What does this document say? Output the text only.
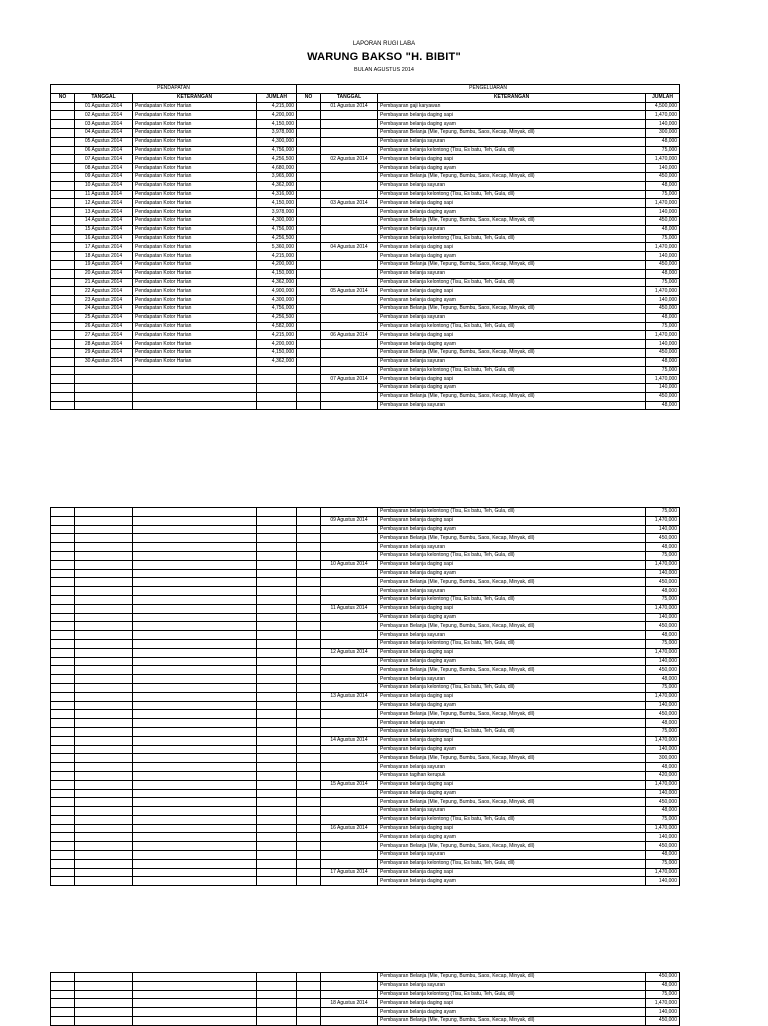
LAPORAN RUGI LABA
WARUNG BAKSO "H. BIBIT"
BULAN AGUSTUS 2014
PENDAPATAN				PENGELUARAN			
NO	TANGGAL	KETERANGAN	JUMLAH	NO	TANGGAL	KETERANGAN	JUMLAH
	01 Agustus 2014	Pendapatan Kotor Harian	4,215,000		01 Agustus 2014	Pembayaran gaji karyawan	4,500,000
	02 Agustus 2014	Pendapatan Kotor Harian	4,200,000			Pembayaran belanja daging sapi	1,470,000
	03 Agustus 2014	Pendapatan Kotor Harian	4,150,000			Pembayaran belanja daging ayam	140,000
	04 Agustus 2014	Pendapatan Kotor Harian	3,978,000			Pembayaran Belanja (Mie, Tepung, Bumbu, Saos, Kecap, Minyak, dll)	300,000
	05 Agustus 2014	Pendapatan Kotor Harian	4,300,000			Pembayaran belanja sayuran	48,000
	06 Agustus 2014	Pendapatan Kotor Harian	4,756,000			Pembayaran belanja kelontong (Tisu, Es batu, Teh, Gula, dll)	75,000
	07 Agustus 2014	Pendapatan Kotor Harian	4,256,500		02 Agustus 2014	Pembayaran belanja daging sapi	1,470,000
	08 Agustus 2014	Pendapatan Kotor Harian	4,680,000			Pembayaran belanja daging ayam	140,000
	09 Agustus 2014	Pendapatan Kotor Harian	3,965,000			Pembayaran Belanja (Mie, Tepung, Bumbu, Saos, Kecap, Minyak, dll)	450,000
	10 Agustus 2014	Pendapatan Kotor Harian	4,362,000			Pembayaran belanja sayuran	48,000
	11 Agustus 2014	Pendapatan Kotor Harian	4,316,000			Pembayaran belanja kelontong (Tisu, Es batu, Teh, Gula, dll)	75,000
	12 Agustus 2014	Pendapatan Kotor Harian	4,150,000		03 Agustus 2014	Pembayaran belanja daging sapi	1,470,000
	13 Agustus 2014	Pendapatan Kotor Harian	3,978,000			Pembayaran belanja daging ayam	140,000
	14 Agustus 2014	Pendapatan Kotor Harian	4,300,000			Pembayaran Belanja (Mie, Tepung, Bumbu, Saos, Kecap, Minyak, dll)	450,000
	15 Agustus 2014	Pendapatan Kotor Harian	4,756,000			Pembayaran belanja sayuran	48,000
	16 Agustus 2014	Pendapatan Kotor Harian	4,256,500			Pembayaran belanja kelontong (Tisu, Es batu, Teh, Gula, dll)	75,000
	17 Agustus 2014	Pendapatan Kotor Harian	5,360,000		04 Agustus 2014	Pembayaran belanja daging sapi	1,470,000
	18 Agustus 2014	Pendapatan Kotor Harian	4,215,000			Pembayaran belanja daging ayam	140,000
	19 Agustus 2014	Pendapatan Kotor Harian	4,200,000			Pembayaran Belanja (Mie, Tepung, Bumbu, Saos, Kecap, Minyak, dll)	450,000
	20 Agustus 2014	Pendapatan Kotor Harian	4,150,000			Pembayaran belanja sayuran	48,000
	21 Agustus 2014	Pendapatan Kotor Harian	4,362,000			Pembayaran belanja kelontong (Tisu, Es batu, Teh, Gula, dll)	75,000
	22 Agustus 2014	Pendapatan Kotor Harian	4,900,000		05 Agustus 2014	Pembayaran belanja daging sapi	1,470,000
	23 Agustus 2014	Pendapatan Kotor Harian	4,300,000			Pembayaran belanja daging ayam	140,000
	24 Agustus 2014	Pendapatan Kotor Harian	4,756,000			Pembayaran Belanja (Mie, Tepung, Bumbu, Saos, Kecap, Minyak, dll)	450,000
	25 Agustus 2014	Pendapatan Kotor Harian	4,256,500			Pembayaran belanja sayuran	48,000
	26 Agustus 2014	Pendapatan Kotor Harian	4,582,000			Pembayaran belanja kelontong (Tisu, Es batu, Teh, Gula, dll)	75,000
	27 Agustus 2014	Pendapatan Kotor Harian	4,215,000		06 Agustus 2014	Pembayaran belanja daging sapi	1,470,000
	28 Agustus 2014	Pendapatan Kotor Harian	4,200,000			Pembayaran belanja daging ayam	140,000
	29 Agustus 2014	Pendapatan Kotor Harian	4,150,000			Pembayaran Belanja (Mie, Tepung, Bumbu, Saos, Kecap, Minyak, dll)	450,000
	30 Agustus 2014	Pendapatan Kotor Harian	4,362,000			Pembayaran belanja sayuran	48,000
						Pembayaran belanja kelontong (Tisu, Es batu, Teh, Gula, dll)	75,000
					07 Agustus 2014	Pembayaran belanja daging sapi	1,470,000
						Pembayaran belanja daging ayam	140,000
						Pembayaran Belanja (Mie, Tepung, Bumbu, Saos, Kecap, Minyak, dll)	450,000
						Pembayaran belanja sayuran	48,000
						Pembayaran belanja kelontong (Tisu, Es batu, Teh, Gula, dll)	75,000
					09 Agustus 2014	Pembayaran belanja daging sapi	1,470,000
						Pembayaran belanja daging ayam	140,000
						Pembayaran Belanja (Mie, Tepung, Bumbu, Saos, Kecap, Minyak, dll)	450,000
						Pembayaran belanja sayuran	48,000
						Pembayaran belanja kelontong (Tisu, Es batu, Teh, Gula, dll)	75,000
					10 Agustus 2014	Pembayaran belanja daging sapi	1,470,000
						Pembayaran belanja daging ayam	140,000
						Pembayaran Belanja (Mie, Tepung, Bumbu, Saos, Kecap, Minyak, dll)	450,000
						Pembayaran belanja sayuran	48,000
						Pembayaran belanja kelontong (Tisu, Es batu, Teh, Gula, dll)	75,000
					11 Agustus 2014	Pembayaran belanja daging sapi	1,470,000
						Pembayaran belanja daging ayam	140,000
						Pembayaran Belanja (Mie, Tepung, Bumbu, Saos, Kecap, Minyak, dll)	450,000
						Pembayaran belanja sayuran	48,000
						Pembayaran belanja kelontong (Tisu, Es batu, Teh, Gula, dll)	75,000
					12 Agustus 2014	Pembayaran belanja daging sapi	1,470,000
						Pembayaran belanja daging ayam	140,000
						Pembayaran Belanja (Mie, Tepung, Bumbu, Saos, Kecap, Minyak, dll)	450,000
						Pembayaran belanja sayuran	48,000
						Pembayaran belanja kelontong (Tisu, Es batu, Teh, Gula, dll)	75,000
					13 Agustus 2014	Pembayaran belanja daging sapi	1,470,000
						Pembayaran belanja daging ayam	140,000
						Pembayaran Belanja (Mie, Tepung, Bumbu, Saos, Kecap, Minyak, dll)	450,000
						Pembayaran belanja sayuran	48,000
						Pembayaran belanja kelontong (Tisu, Es batu, Teh, Gula, dll)	75,000
					14 Agustus 2014	Pembayaran belanja daging sapi	1,470,000
						Pembayaran belanja daging ayam	140,000
						Pembayaran Belanja (Mie, Tepung, Bumbu, Saos, Kecap, Minyak, dll)	300,000
						Pembayaran belanja sayuran	48,000
						Pembayaran tagihan kerupuk	420,000
					15 Agustus 2014	Pembayaran belanja daging sapi	1,470,000
						Pembayaran belanja daging ayam	140,000
						Pembayaran Belanja (Mie, Tepung, Bumbu, Saos, Kecap, Minyak, dll)	450,000
						Pembayaran belanja sayuran	48,000
						Pembayaran belanja kelontong (Tisu, Es batu, Teh, Gula, dll)	75,000
					16 Agustus 2014	Pembayaran belanja daging sapi	1,470,000
						Pembayaran belanja daging ayam	140,000
						Pembayaran Belanja (Mie, Tepung, Bumbu, Saos, Kecap, Minyak, dll)	450,000
						Pembayaran belanja sayuran	48,000
						Pembayaran belanja kelontong (Tisu, Es batu, Teh, Gula, dll)	75,000
					17 Agustus 2014	Pembayaran belanja daging sapi	1,470,000
						Pembayaran belanja daging ayam	140,000
						Pembayaran Belanja (Mie, Tepung, Bumbu, Saos, Kecap, Minyak, dll)	450,000
						Pembayaran belanja sayuran	48,000
						Pembayaran belanja kelontong (Tisu, Es batu, Teh, Gula, dll)	75,000
					18 Agustus 2014	Pembayaran belanja daging sapi	1,470,000
						Pembayaran belanja daging ayam	140,000
						Pembayaran Belanja (Mie, Tepung, Bumbu, Saos, Kecap, Minyak, dll)	450,000
